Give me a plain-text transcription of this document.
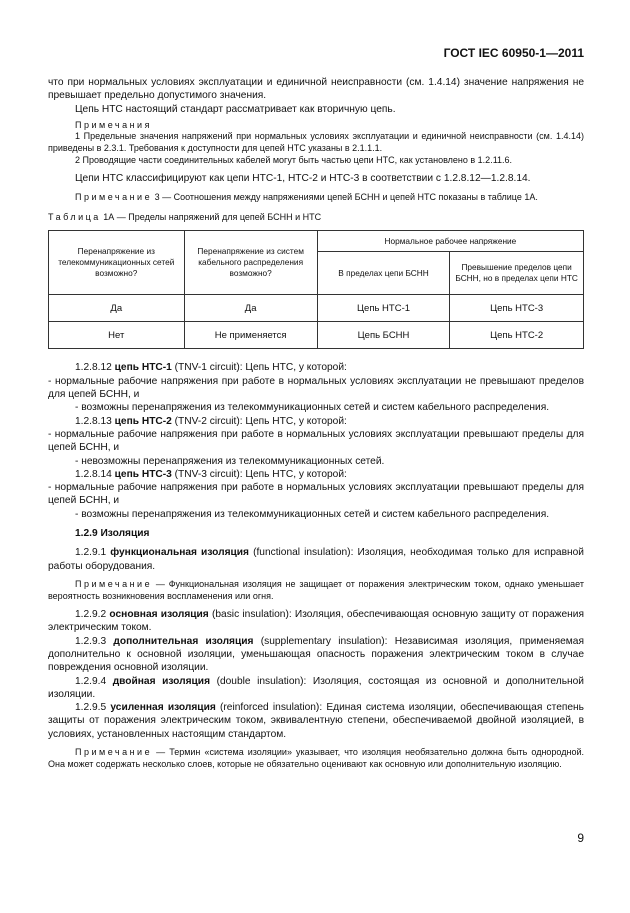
ГОСТ IEC 60950-1—2011

что при нормальных условиях эксплуатации и единичной неисправности (см. 1.4.14) значение напряжения не превышает предельно допустимого значения.

Цепь НТС настоящий стандарт рассматривает как вторичную цепь.

Примечания

1 Предельные значения напряжений при нормальных условиях эксплуатации и единичной неисправности (см. 1.4.14) приведены в 2.3.1. Требования к доступности для цепей НТС указаны в 2.1.1.1.

2 Проводящие части соединительных кабелей могут быть частью цепи НТС, как установлено в 1.2.11.6.

Цепи НТС классифицируют как цепи НТС-1, НТС-2 и НТС-3 в соответствии с 1.2.8.12—1.2.8.14.

Примечание 3 — Соотношения между напряжениями цепей БСНН и цепей НТС показаны в таблице 1А.

Таблица 1А — Пределы напряжений для цепей БСНН и НТС
Перенапряжение из телекоммуникационных сетей возможно?	Перенапряжение из систем кабельного распределения возможно?	Нормальное рабочее напряжение	
		В пределах цепи БСНН	Превышение пределов цепи БСНН, но в пределах цепи НТС
Да	Да	Цепь НТС-1	Цепь НТС-3
Нет	Не применяется	Цепь БСНН	Цепь НТС-2

1.2.8.12 цепь НТС-1 (TNV-1 circuit): Цепь НТС, у которой:

- нормальные рабочие напряжения при работе в нормальных условиях эксплуатации не превышают пределов для цепей БСНН, и

- возможны перенапряжения из телекоммуникационных сетей и систем кабельного распределения.

1.2.8.13 цепь НТС-2 (TNV-2 circuit): Цепь НТС, у которой:

- нормальные рабочие напряжения при работе в нормальных условиях эксплуатации превышают пределы для цепей БСНН, и

- невозможны перенапряжения из телекоммуникационных сетей.

1.2.8.14 цепь НТС-3 (TNV-3 circuit): Цепь НТС, у которой:

- нормальные рабочие напряжения при работе в нормальных условиях эксплуатации превышают пределы для цепей БСНН, и

- возможны перенапряжения из телекоммуникационных сетей и систем кабельного распределения.

1.2.9 Изоляция

1.2.9.1 функциональная изоляция (functional insulation): Изоляция, необходимая только для исправной работы оборудования.

Примечание — Функциональная изоляция не защищает от поражения электрическим током, однако уменьшает вероятность возникновения воспламенения или огня.

1.2.9.2 основная изоляция (basic insulation): Изоляция, обеспечивающая основную защиту от поражения электрическим током.

1.2.9.3 дополнительная изоляция (supplementary insulation): Независимая изоляция, применяемая дополнительно к основной изоляции, уменьшающая опасность поражения электрическим током в случае повреждения основной изоляции.

1.2.9.4 двойная изоляция (double insulation): Изоляция, состоящая из основной и дополнительной изоляции.

1.2.9.5 усиленная изоляция (reinforced insulation): Единая система изоляции, обеспечивающая степень защиты от поражения электрическим током, эквивалентную степени, обеспечиваемой двойной изоляцией, в условиях, установленных настоящим стандартом.

Примечание — Термин «система изоляции» указывает, что изоляция необязательно должна быть однородной. Она может содержать несколько слоев, которые не обязательно оценивают как основную или дополнительную изоляцию.

9
